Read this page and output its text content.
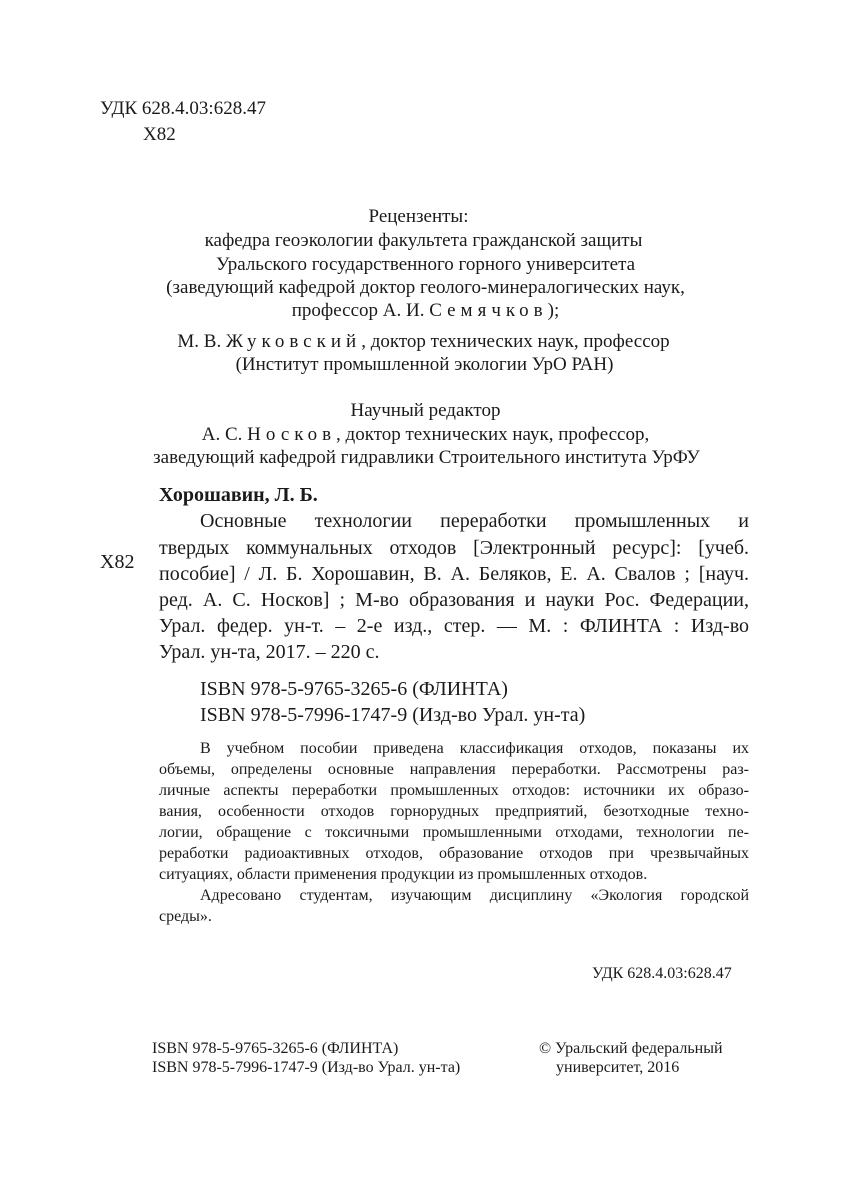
УДК 628.4.03:628.47

Х82

Рецензенты:

кафедра геоэкологии факультета гражданской защиты

Уральского государственного горного университета

(заведующий кафедрой доктор геолого-минералогических наук,

профессор А. И. Семячков);

М. В. Жуковский, доктор технических наук, профессор

(Институт промышленной экологии УрО РАН)

Научный редактор

А. С. Носков, доктор технических наук, профессор,

заведующий кафедрой гидравлики Строительного института УрФУ

Хорошавин, Л. Б.

Х82

Основные технологии переработки промышленных и

твердых коммунальных отходов [Электронный ресурс]: [учеб.

пособие] / Л. Б. Хорошавин, В. А. Беляков, Е. А. Свалов ; [науч.

ред. А. С. Носков] ; М-во образования и науки Рос. Федерации,

Урал. федер. ун-т. – 2-е изд., стер. — М. : ФЛИНТА : Изд-во

Урал. ун-та, 2017. – 220 с.

ISBN 978-5-9765-3265-6 (ФЛИНТА)

ISBN 978-5-7996-1747-9 (Изд-во Урал. ун-та)

В учебном пособии приведена классификация отходов, показаны их

объемы, определены основные направления переработки. Рассмотрены раз-

личные аспекты переработки промышленных отходов: источники их образо-

вания, особенности отходов горнорудных предприятий, безотходные техно-

логии, обращение с токсичными промышленными отходами, технологии пе-

реработки радиоактивных отходов, образование отходов при чрезвычайных

ситуациях, области применения продукции из промышленных отходов.

Адресовано студентам, изучающим дисциплину «Экология городской

среды».

УДК 628.4.03:628.47

ISBN 978-5-9765-3265-6 (ФЛИНТА)

ISBN 978-5-7996-1747-9 (Изд-во Урал. ун-та)

© Уральский федеральный

университет, 2016
